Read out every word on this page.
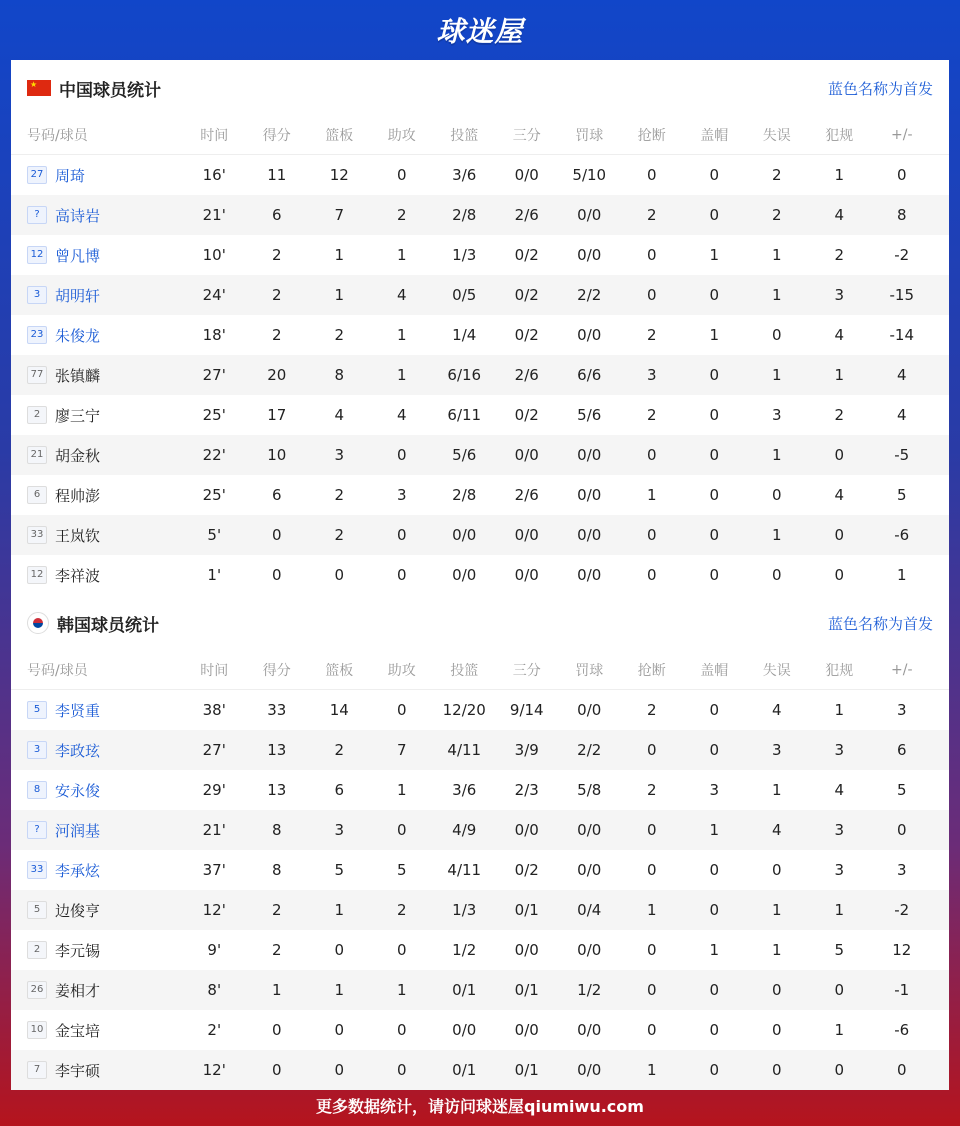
球迷屋
★
中国球员统计	蓝色名称为首发
号码/球员	时间	得分	篮板	助攻	投篮	三分	罚球	抢断	盖帽	失误	犯规	+/-
27 周琦	16'	11	12	0	3/6	0/0	5/10	0	0	2	1	0
?	高诗岩	21'	6	7	2	2/8	2/6	0/0	2	0	2	4	8
12 曾凡博	10'	2	1	1	1/3	0/2	0/0	0	1	1	2	-2
3 胡明轩	24'	2	1	4	0/5	0/2	2/2	0	0	1	3	-15
23 朱俊龙	18'	2	2	1	1/4	0/2	0/0	2	1	0	4	-14
77 张镇麟	27'	20	8	1	6/16	2/6	6/6	3	0	1	1	4
2 廖三宁	25'	17	4	4	6/11	0/2	5/6	2	0	3	2	4
21 胡金秋	22'	10	3	0	5/6	0/0	0/0	0	0	1	0	-5
6 程帅澎	25'	6	2	3	2/8	2/6	0/0	1	0	0	4	5
33 王岚钦	5'	0	2	0	0/0	0/0	0/0	0	0	1	0	-6
12 李祥波	1'	0	0	0	0/0	0/0	0/0	0	0	0	0	1
韩国球员统计	蓝色名称为首发
号码/球员	时间	得分	篮板	助攻	投篮	三分	罚球	抢断	盖帽	失误	犯规	+/-
5 李贤重	38'	33	14	0	12/20	9/14	0/0	2	0	4	1	3
3 李政玹	27'	13	2	7	4/11	3/9	2/2	0	0	3	3	6
8 安永俊	29'	13	6	1	3/6	2/3	5/8	2	3	1	4	5
?	河润基	21'	8	3	0	4/9	0/0	0/0	0	1	4	3	0
33 李承炫	37'	8	5	5	4/11	0/2	0/0	0	0	0	3	3
5 边俊亨	12'	2	1	2	1/3	0/1	0/4	1	0	1	1	-2
2 李元锡	9'	2	0	0	1/2	0/0	0/0	0	1	1	5	12
26 姜相才	8'	1	1	1	0/1	0/1	1/2	0	0	0	0	-1
10 金宝培	2'	0	0	0	0/0	0/0	0/0	0	0	0	1	-6
7 李宇硕	12'	0	0	0	0/1	0/1	0/0	1	0	0	0	0
更多数据统计，请访问球迷屋qiumiwu.com
